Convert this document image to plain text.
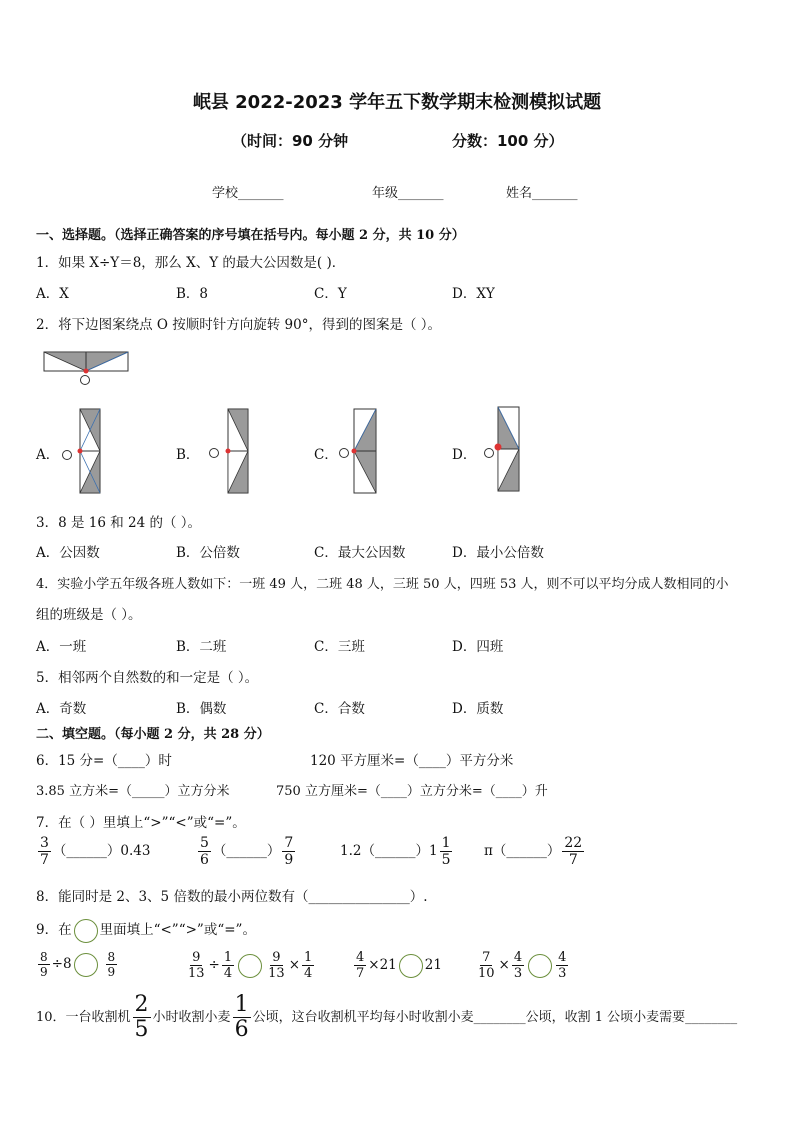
岷县 2022-2023 学年五下数学期末检测模拟试题
（时间：90 分钟	分数：100 分）
学校_______	年级_______	姓名_______
一、选择题。（选择正确答案的序号填在括号内。每小题 2 分，共 10 分）
1．如果 X÷Y＝8，那么 X、Y 的最大公因数是( )．
A．X	B．8	C．Y	D．XY
2．将下边图案绕点 O 按顺时针方向旋转 90°，得到的图案是（ ）。
A．	B．	C．	D．
3．8 是 16 和 24 的（ ）。
A．公因数	B．公倍数	C．最大公因数	D．最小公倍数
4．实验小学五年级各班人数如下：一班 49 人，二班 48 人，三班 50 人，四班 53 人，则不可以平均分成人数相同的小
组的班级是（ ）。
A．一班	B．二班	C．三班	D．四班
5．相邻两个自然数的和一定是（ ）。
A．奇数	B．偶数	C．合数	D．质数
二、填空题。（每小题 2 分，共 28 分）
6．15 分=（____）时	120 平方厘米=（____）平方分米
3.85 立方米=（_____）立方分米	750 立方厘米=（____）立方分米=（____）升
7．在（ ）里填上“>”“<”或“=”。
$\frac{3}{7}$ （______）0.43	$\frac{5}{6}$ （______） $\frac{7}{9}$	1.2（______）1 $\frac{1}{5}$ π（______） $\frac{22}{7}$
8．能同时是 2、3、5 倍数的最小两位数有（_______________）.
9．在 里面填上“<”“>”或“=”。
$\frac{8}{9} \div 8$	$\frac{8}{9}$	$\frac{9}{13} \div \frac{1}{4} \frac{9}{13} \times \frac{1}{4}$	$\frac{4}{7} \times 21$ 21	$\frac{7}{10} \times \frac{4}{3} \frac{4}{3}$
10．一台收割机 $\frac{2}{5}$ 小时收割小麦 $\frac{1}{6}$ 公顷，这台收割机平均每小时收割小麦________公顷，收割 1 公顷小麦需要________
